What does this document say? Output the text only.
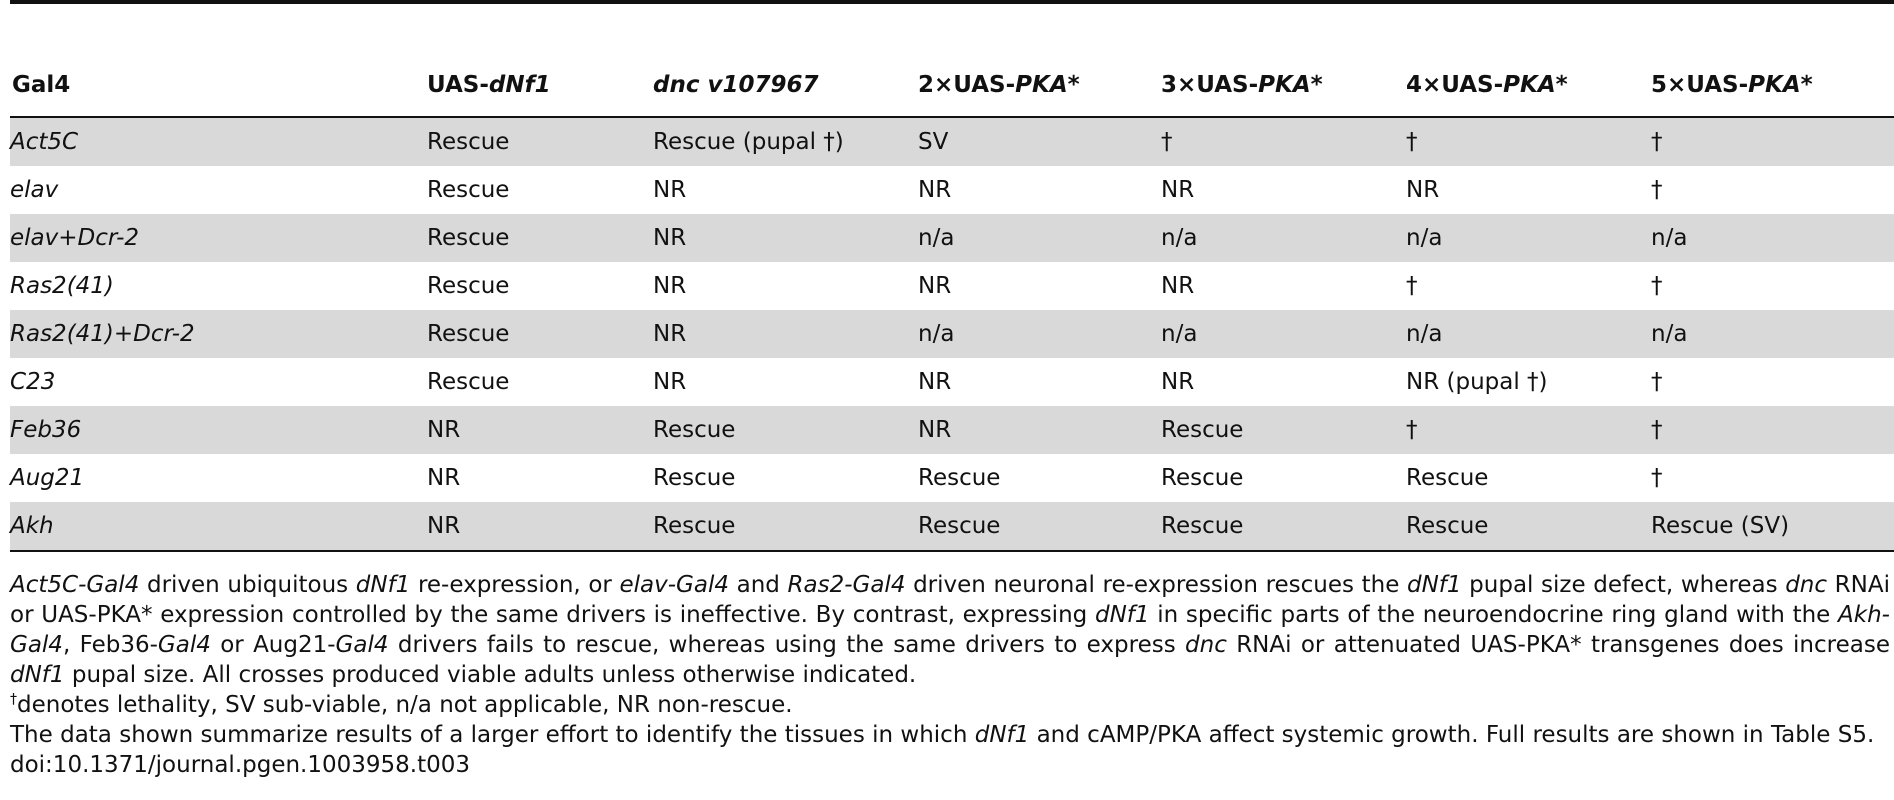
Gal4	UAS-dNf1	dnc v107967	2×UAS-PKA*	3×UAS-PKA*	4×UAS-PKA*	5×UAS-PKA*
Act5C	Rescue	Rescue (pupal †)	SV	†	†	†
elav	Rescue	NR	NR	NR	NR	†
elav+Dcr-2	Rescue	NR	n/a	n/a	n/a	n/a
Ras2(41)	Rescue	NR	NR	NR	†	†
Ras2(41)+Dcr-2	Rescue	NR	n/a	n/a	n/a	n/a
C23	Rescue	NR	NR	NR	NR (pupal †)	†
Feb36	NR	Rescue	NR	Rescue	†	†
Aug21	NR	Rescue	Rescue	Rescue	Rescue	†
Akh	NR	Rescue	Rescue	Rescue	Rescue	Rescue (SV)

Act5C-Gal4 driven ubiquitous dNf1 re-expression, or elav-Gal4 and Ras2-Gal4 driven neuronal re-expression rescues the dNf1 pupal size defect, whereas dnc RNAi or UAS-PKA* expression controlled by the same drivers is ineffective. By contrast, expressing dNf1 in specific parts of the neuroendocrine ring gland with the Akh-Gal4, Feb36-Gal4 or Aug21-Gal4 drivers fails to rescue, whereas using the same drivers to express dnc RNAi or attenuated UAS-PKA* transgenes does increase dNf1 pupal size. All crosses produced viable adults unless otherwise indicated.

†denotes lethality, SV sub-viable, n/a not applicable, NR non-rescue.

The data shown summarize results of a larger effort to identify the tissues in which dNf1 and cAMP/PKA affect systemic growth. Full results are shown in Table S5.

doi:10.1371/journal.pgen.1003958.t003
